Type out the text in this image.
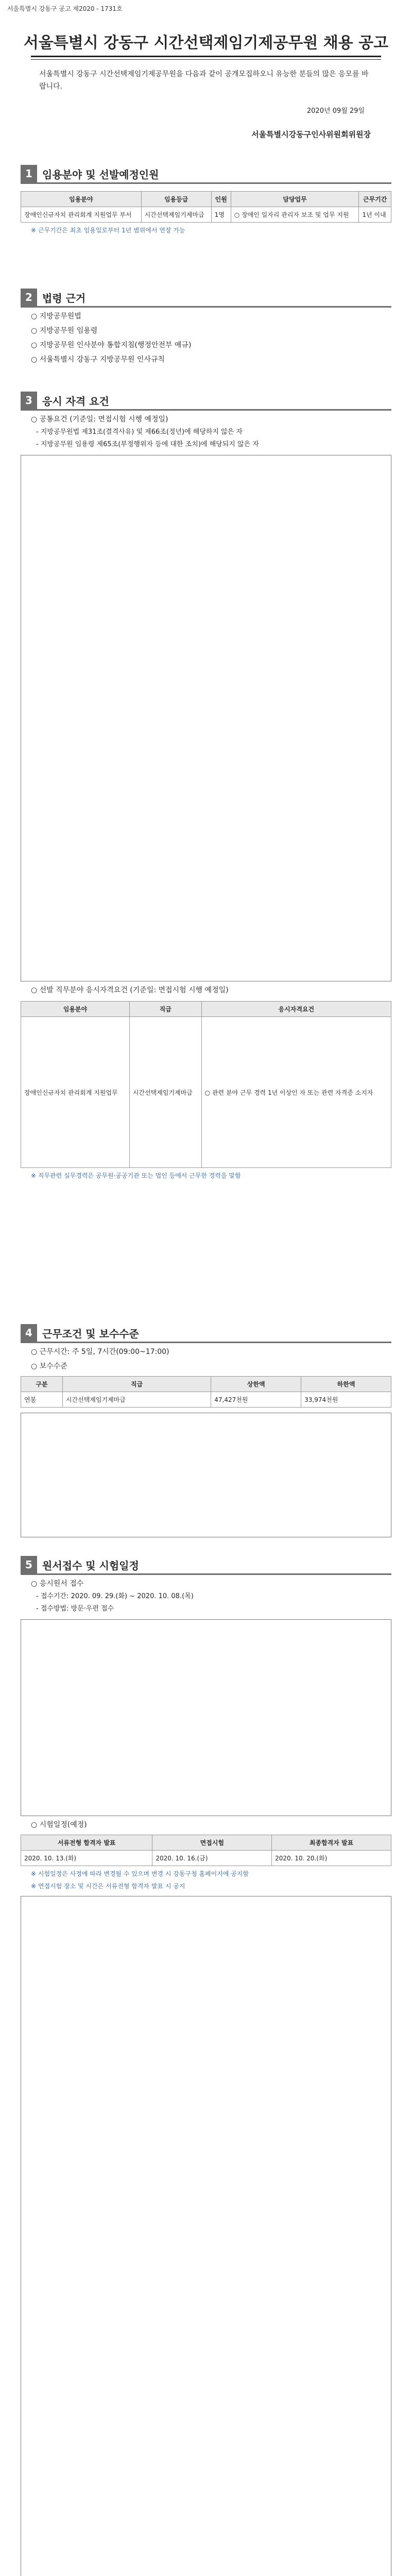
서울특별시 강동구 공고 제2020 - 1731호
서울특별시 강동구 시간선택제임기제공무원 채용 공고
서울특별시 강동구 시간선택제임기제공무원을 다음과 같이 공개모집하오니 유능한 분들의 많은 응모를 바랍니다.
2020년 09월 29일
서울특별시강동구인사위원회위원장
1 임용분야 및 선발예정인원
임용분야	임용등급	인원	담당업무	근무기간
장애인신규자치 관리회계 지원업무 부서	시간선택제임기제마급	1명	○ 장애인 일자리 관리자 보조 및 업무 지원	1년 이내
※ 근무기간은 최초 임용일로부터 1년 범위에서 연장 가능
2 법령 근거
○ 지방공무원법
○ 지방공무원 임용령
○ 지방공무원 인사분야 통합지침(행정안전부 예규)
○ 서울특별시 강동구 지방공무원 인사규칙
3 응시 자격 요건
○ 공통요건 (기준일: 면접시험 시행 예정일)
- 지방공무원법 제31조(결격사유) 및 제66조(정년)에 해당하지 않은 자
- 지방공무원 임용령 제65조(부정행위자 등에 대한 조치)에 해당되지 않은 자
○ 선발 직무분야 응시자격요건 (기준일: 면접시험 시행 예정일)
임용분야	직급	응시자격요건
장애인신규자치 관리회계 지원업무	시간선택제임기제마급	○ 관련 분야 근무 경력 1년 이상인 자 또는 관련 자격증 소지자
※ 직무관련 실무경력은 공무원·공공기관 또는 법인 등에서 근무한 경력을 말함
4 근무조건 및 보수수준
○ 근무시간: 주 5일, 7시간(09:00~17:00)
○ 보수수준
구분	직급	상한액	하한액
연봉	시간선택제임기제마급	47,427천원	33,974천원
5 원서접수 및 시험일정
○ 응시원서 접수
- 접수기간: 2020. 09. 29.(화) ~ 2020. 10. 08.(목)
- 접수방법: 방문·우편 접수
○ 시험일정(예정)
서류전형 합격자 발표	면접시험	최종합격자 발표
2020. 10. 13.(화)	2020. 10. 16.(금)	2020. 10. 20.(화)
※ 시험일정은 사정에 따라 변경될 수 있으며 변경 시 강동구청 홈페이지에 공지함
※ 면접시험 장소 및 시간은 서류전형 합격자 발표 시 공지
